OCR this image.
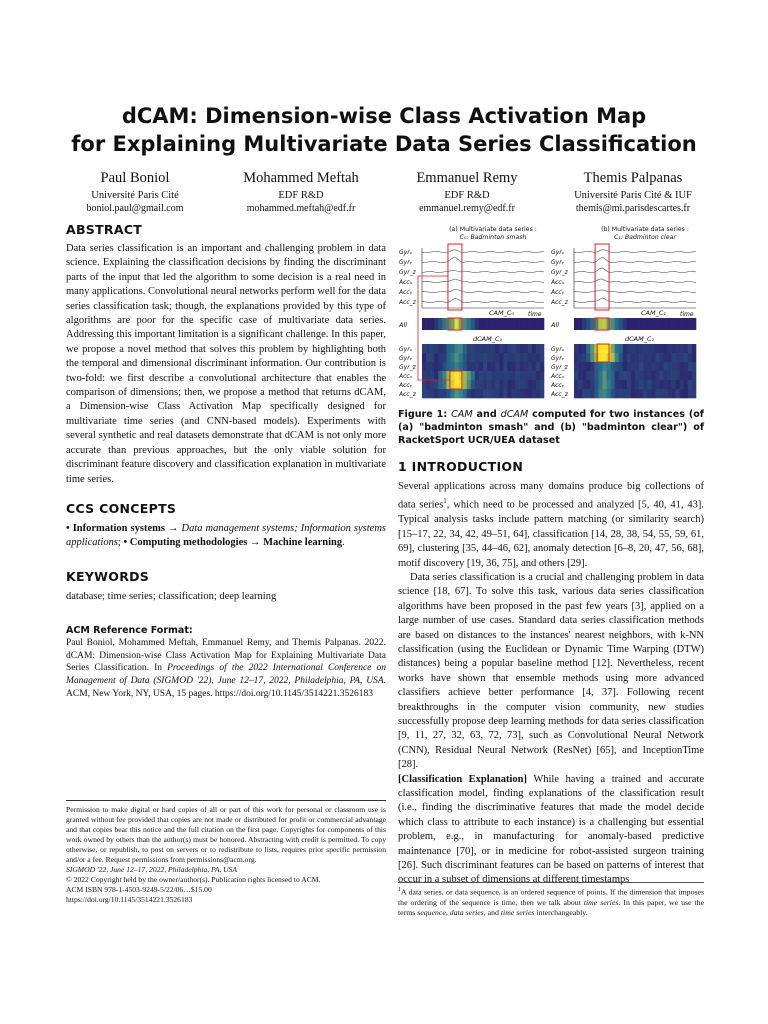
dCAM: Dimension-wise Class Activation Map
for Explaining Multivariate Data Series Classification
Paul Boniol
Université Paris Cité
boniol.paul@gmail.com
Mohammed Meftah
EDF R&D
mohammed.meftah@edf.fr
Emmanuel Remy
EDF R&D
emmanuel.remy@edf.fr
Themis Palpanas
Université Paris Cité & IUF
themis@mi.parisdescartes.fr
ABSTRACT

Data series classification is an important and challenging problem in data science. Explaining the classification decisions by finding the discriminant parts of the input that led the algorithm to some decision is a real need in many applications. Convolutional neural networks perform well for the data series classification task; though, the explanations provided by this type of algorithms are poor for the specific case of multivariate data series. Addressing this important limitation is a significant challenge. In this paper, we propose a novel method that solves this problem by highlighting both the temporal and dimensional discriminant information. Our contribution is two-fold: we first describe a convolutional architecture that enables the comparison of dimensions; then, we propose a method that returns dCAM, a Dimension-wise Class Activation Map specifically designed for multivariate time series (and CNN-based models). Experiments with several synthetic and real datasets demonstrate that dCAM is not only more accurate than previous approaches, but the only viable solution for discriminant feature discovery and classification explanation in multivariate time series.

CCS CONCEPTS

• Information systems → Data management systems; Information systems applications; • Computing methodologies → Machine learning.

KEYWORDS

database; time series; classification; deep learning

ACM Reference Format:
Paul Boniol, Mohammed Meftah, Emmanuel Remy, and Themis Palpanas. 2022. dCAM: Dimension-wise Class Activation Map for Explaining Multivariate Data Series Classification. In Proceedings of the 2022 International Conference on Management of Data (SIGMOD '22), June 12–17, 2022, Philadelphia, PA, USA. ACM, New York, NY, USA, 15 pages. https://doi.org/10.1145/3514221.3526183
Permission to make digital or hard copies of all or part of this work for personal or classroom use is granted without fee provided that copies are not made or distributed for profit or commercial advantage and that copies bear this notice and the full citation on the first page. Copyrights for components of this work owned by others than the author(s) must be honored. Abstracting with credit is permitted. To copy otherwise, or republish, to post on servers or to redistribute to lists, requires prior specific permission and/or a fee. Request permissions from permissions@acm.org.
SIGMOD '22, June 12–17, 2022, Philadelphia, PA, USA
© 2022 Copyright held by the owner/author(s). Publication rights licensed to ACM.
ACM ISBN 978-1-4503-9249-5/22/06…$15.00
https://doi.org/10.1145/3514221.3526183
(a) Multivariate data series :
C₀: Badminton smash
Gyrₓ
Gyrᵧ
Gyr_z
Accₓ
Accᵧ
Acc_z
time
CAM_C₀
All
dCAM_C₀
Gyrₓ
Gyrᵧ
Gyr_z
Accₓ
Accᵧ
Acc_z
(b) Multivariate data series :
C₁: Badminton clear
Gyrₓ
Gyrᵧ
Gyr_z
Accₓ
Accᵧ
Acc_z
time
CAM_C₁
All
dCAM_C₁
Gyrₓ
Gyrᵧ
Gyr_z
Accₓ
Accᵧ
Acc_z
Figure 1: CAM and dCAM computed for two instances (of (a) "badminton smash" and (b) "badminton clear") of RacketSport UCR/UEA dataset
1 INTRODUCTION

Several applications across many domains produce big collections of data series$^1$, which need to be processed and analyzed [5, 40, 41, 43]. Typical analysis tasks include pattern matching (or similarity search) [15–17, 22, 34, 42, 49–51, 64], classification [14, 28, 38, 54, 55, 59, 61, 69], clustering [35, 44–46, 62], anomaly detection [6–8, 20, 47, 56, 68], motif discovery [19, 36, 75], and others [29].

Data series classification is a crucial and challenging problem in data science [18, 67]. To solve this task, various data series classification algorithms have been proposed in the past few years [3], applied on a large number of use cases. Standard data series classification methods are based on distances to the instances' nearest neighbors, with k-NN classification (using the Euclidean or Dynamic Time Warping (DTW) distances) being a popular baseline method [12]. Nevertheless, recent works have shown that ensemble methods using more advanced classifiers achieve better performance [4, 37]. Following recent breakthroughs in the computer vision community, new studies successfully propose deep learning methods for data series classification [9, 11, 27, 32, 63, 72, 73], such as Convolutional Neural Network (CNN), Residual Neural Network (ResNet) [65], and InceptionTime [28].

[Classification Explanation] While having a trained and accurate classification model, finding explanations of the classification result (i.e., finding the discriminative features that made the model decide which class to attribute to each instance) is a challenging but essential problem, e.g., in manufacturing for anomaly-based predictive maintenance [70], or in medicine for robot-assisted surgeon training [26]. Such discriminant features can be based on patterns of interest that occur in a subset of dimensions at different timestamps

$^1$A data series, or data sequence, is an ordered sequence of points. If the dimension that imposes the ordering of the sequence is time, then we talk about time series. In this paper, we use the terms sequence, data series, and time series interchangeably.
